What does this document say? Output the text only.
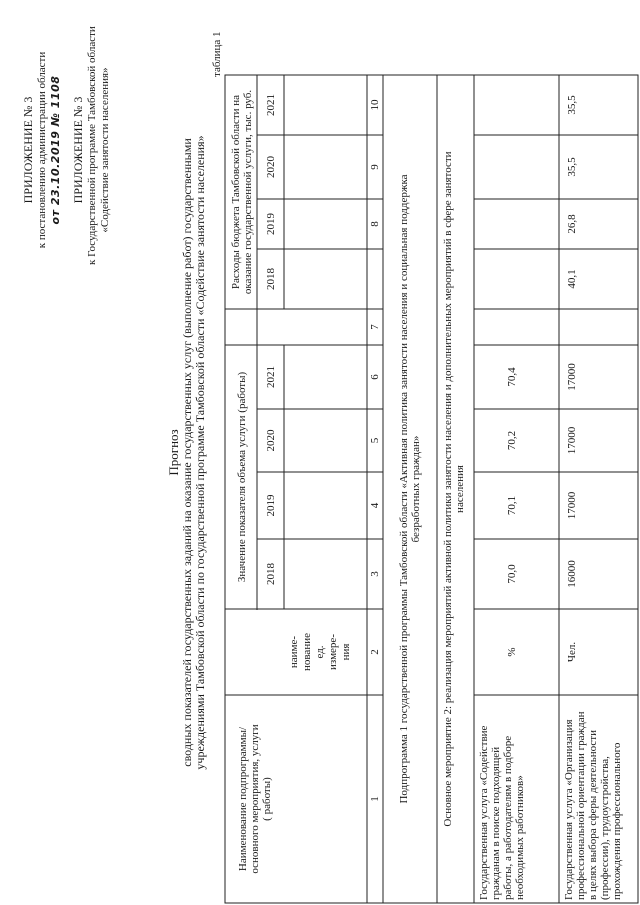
ПРИЛОЖЕНИЕ № 3 к постановлению администрации области от 23.10.2019 № 1108 ПРИЛОЖЕНИЕ № 3 к Государственной программе Тамбовской области «Содействие занятости населения»
Прогноз сводных показателей государственных заданий на оказание государственных услуг (выполнение работ) государственными учреждениями Тамбовской области по государственной программе Тамбовской области «Содействие занятости населения»
таблица 1
Наименование подпрограммы/ основного мероприятия, услуги ( работы)
наиме- нование ед. измере- ния
Значение показателя объема услуги (работы)
Расходы бюджета Тамбовской области на оказание государственной услуги, тыс. руб.
2018
2019
2020
2021
2018
2019
2020
2021
1
2
3
4
5
6
7
8
9
10
Подпрограмма 1 государственной программы Тамбовской области «Активная политика занятости населения и социальная поддержка безработных граждан» Основное мероприятие 2: реализация мероприятий активной политики занятости населения и дополнительных мероприятий в сфере занятости населения
Государственная услуга «Содействие гражданам в поиске подходящей работы, а работодателям в подборе необходимых работников»
%
70,0
70,1
70,2
70,4
Государственная услуга «Организация профессиональной ориентации граждан в целях выбора сферы деятельности (профессии), трудоустройства, прохождения профессионального
Чел.
16000
17000
17000
17000
40,1
26,8
35,5
35,5
